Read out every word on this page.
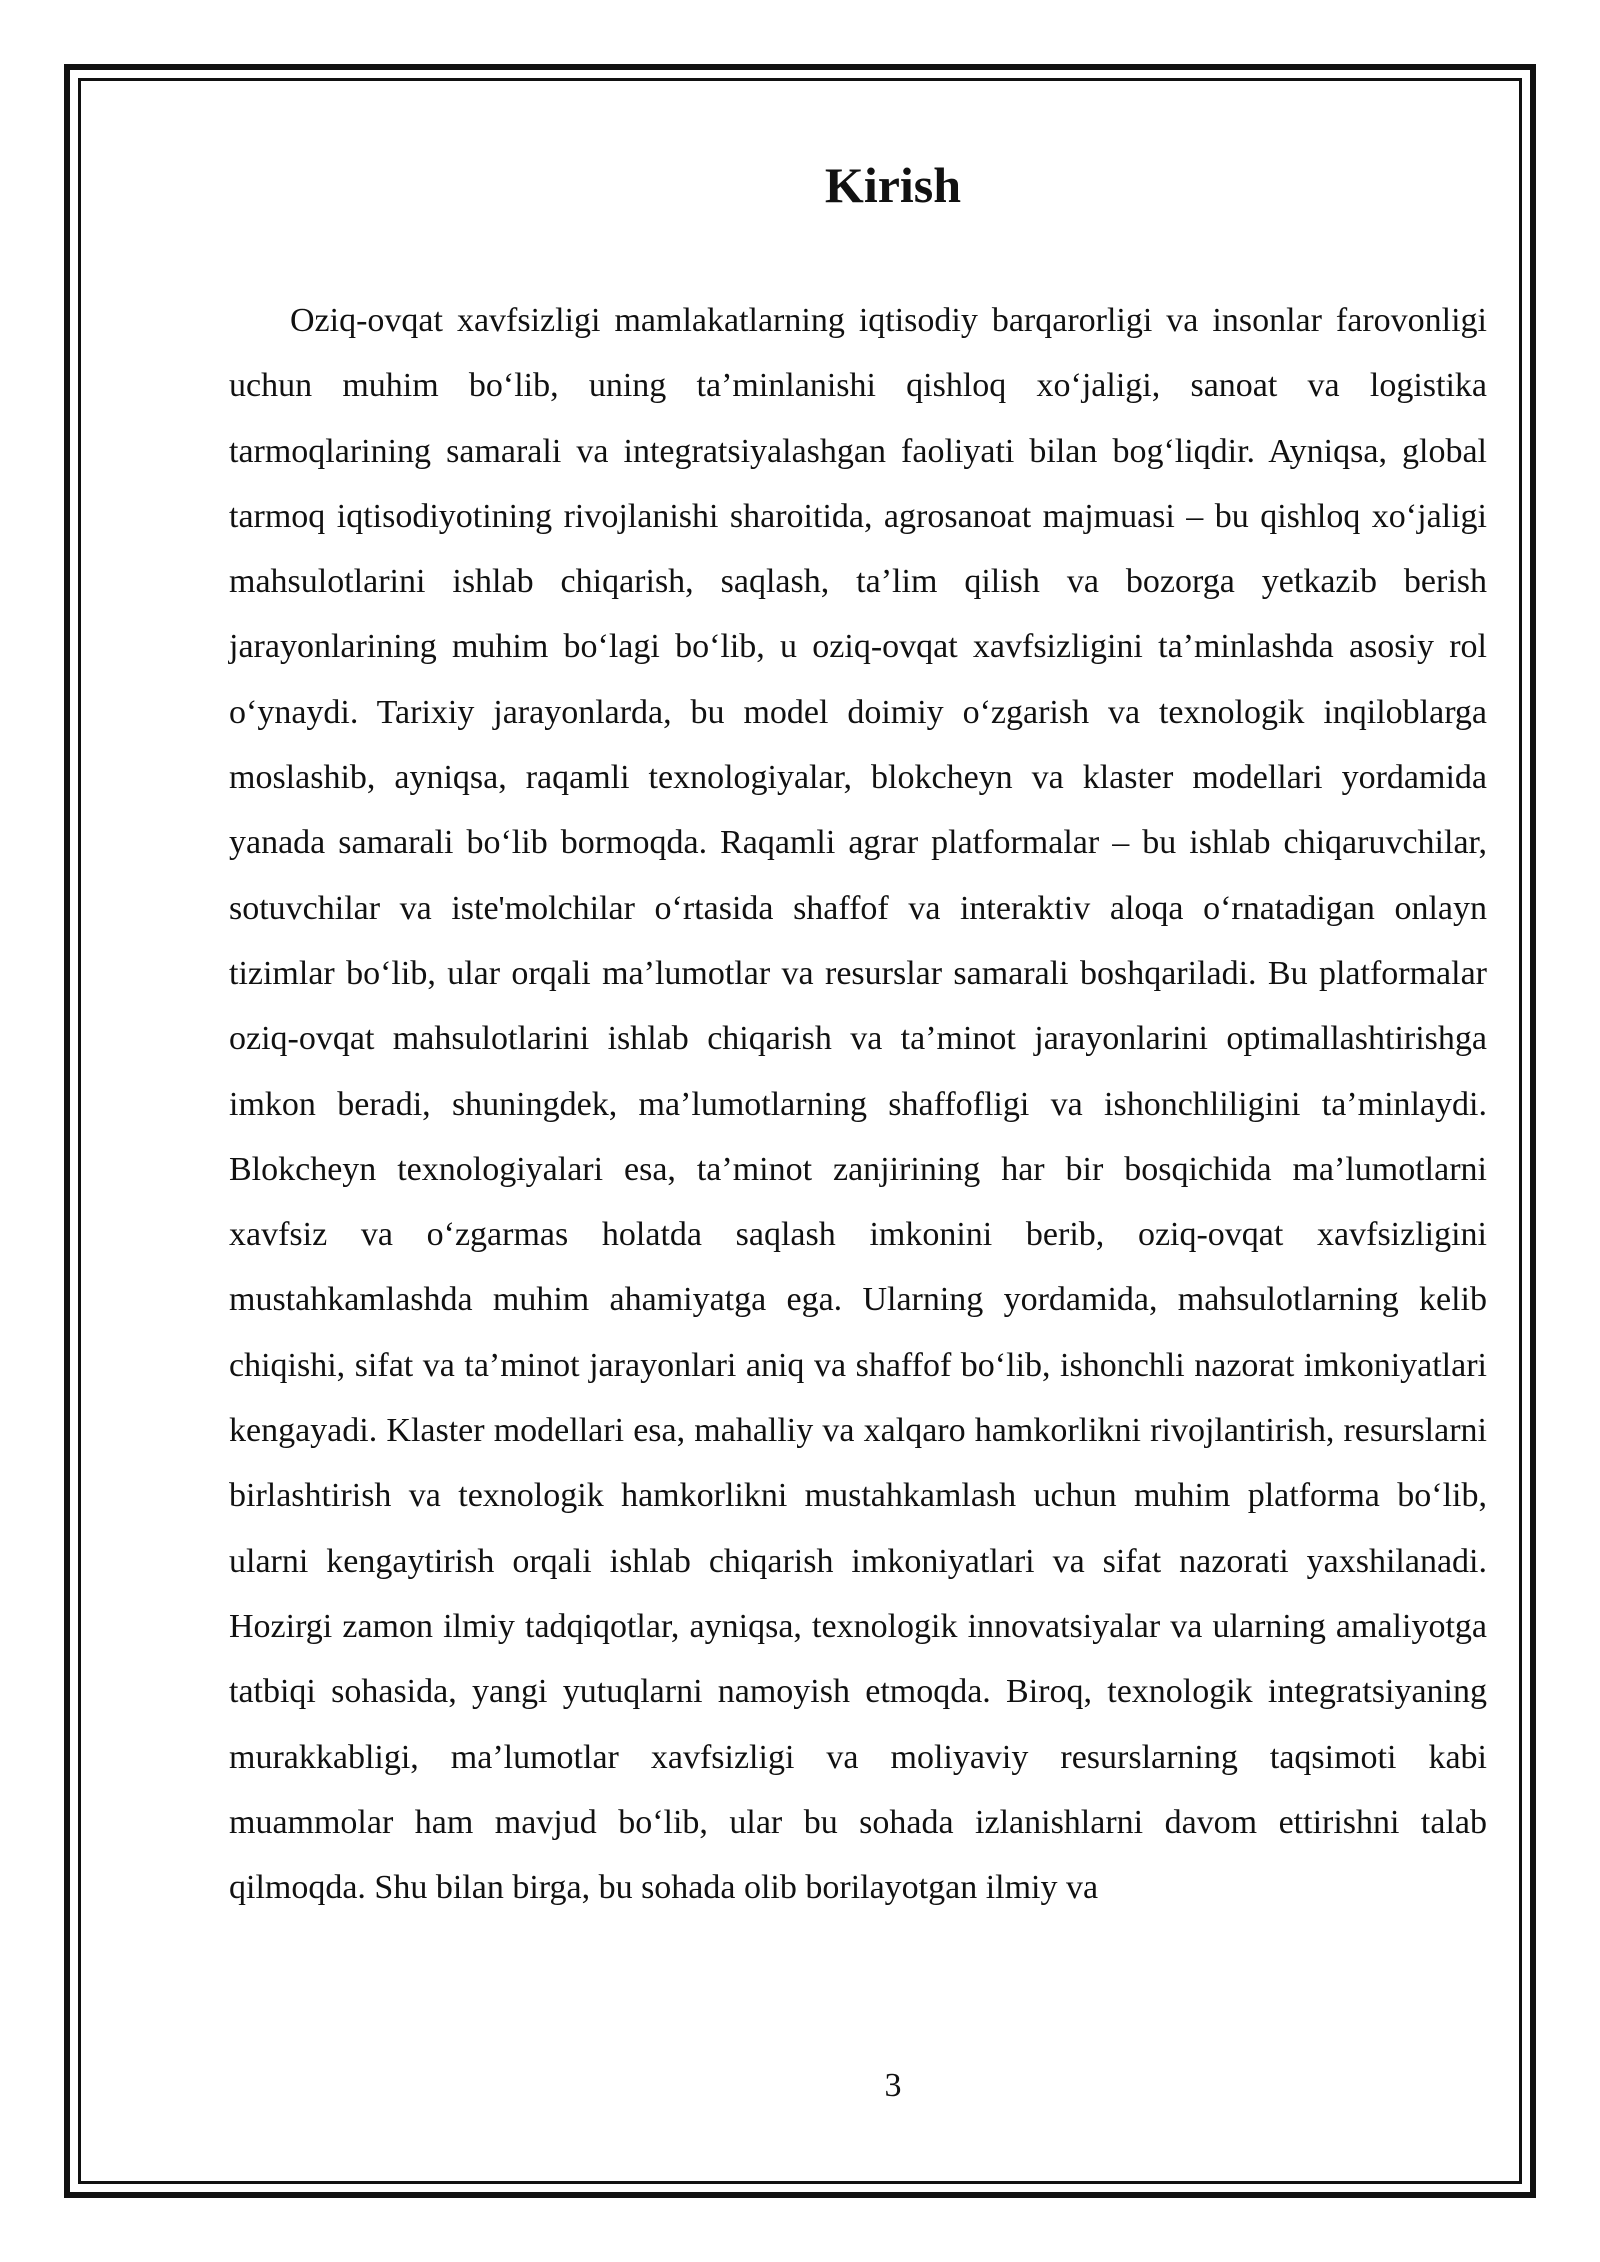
Kirish

Oziq-ovqat xavfsizligi mamlakatlarning iqtisodiy barqarorligi va insonlar farovonligi uchun muhim bo‘lib, uning ta’minlanishi qishloq xo‘jaligi, sanoat va logistika tarmoqlarining samarali va integratsiyalashgan faoliyati bilan bog‘liqdir. Ayniqsa, global tarmoq iqtisodiyotining rivojlanishi sharoitida, agrosanoat majmuasi – bu qishloq xo‘jaligi mahsulotlarini ishlab chiqarish, saqlash, ta’lim qilish va bozorga yetkazib berish jarayonlarining muhim bo‘lagi bo‘lib, u oziq-ovqat xavfsizligini ta’minlashda asosiy rol o‘ynaydi. Tarixiy jarayonlarda, bu model doimiy o‘zgarish va texnologik inqiloblarga moslashib, ayniqsa, raqamli texnologiyalar, blokcheyn va klaster modellari yordamida yanada samarali bo‘lib bormoqda. Raqamli agrar platformalar – bu ishlab chiqaruvchilar, sotuvchilar va iste'molchilar o‘rtasida shaffof va interaktiv aloqa o‘rnatadigan onlayn tizimlar bo‘lib, ular orqali ma’lumotlar va resurslar samarali boshqariladi. Bu platformalar oziq-ovqat mahsulotlarini ishlab chiqarish va ta’minot jarayonlarini optimallashtirishga imkon beradi, shuningdek, ma’lumotlarning shaffofligi va ishonchliligini ta’minlaydi. Blokcheyn texnologiyalari esa, ta’minot zanjirining har bir bosqichida ma’lumotlarni xavfsiz va o‘zgarmas holatda saqlash imkonini berib, oziq-ovqat xavfsizligini mustahkamlashda muhim ahamiyatga ega. Ularning yordamida, mahsulotlarning kelib chiqishi, sifat va ta’minot jarayonlari aniq va shaffof bo‘lib, ishonchli nazorat imkoniyatlari kengayadi. Klaster modellari esa, mahalliy va xalqaro hamkorlikni rivojlantirish, resurslarni birlashtirish va texnologik hamkorlikni mustahkamlash uchun muhim platforma bo‘lib, ularni kengaytirish orqali ishlab chiqarish imkoniyatlari va sifat nazorati yaxshilanadi. Hozirgi zamon ilmiy tadqiqotlar, ayniqsa, texnologik innovatsiyalar va ularning amaliyotga tatbiqi sohasida, yangi yutuqlarni namoyish etmoqda. Biroq, texnologik integratsiyaning murakkabligi, ma’lumotlar xavfsizligi va moliyaviy resurslarning taqsimoti kabi muammolar ham mavjud bo‘lib, ular bu sohada izlanishlarni davom ettirishni talab qilmoqda. Shu bilan birga, bu sohada olib borilayotgan ilmiy va

3
